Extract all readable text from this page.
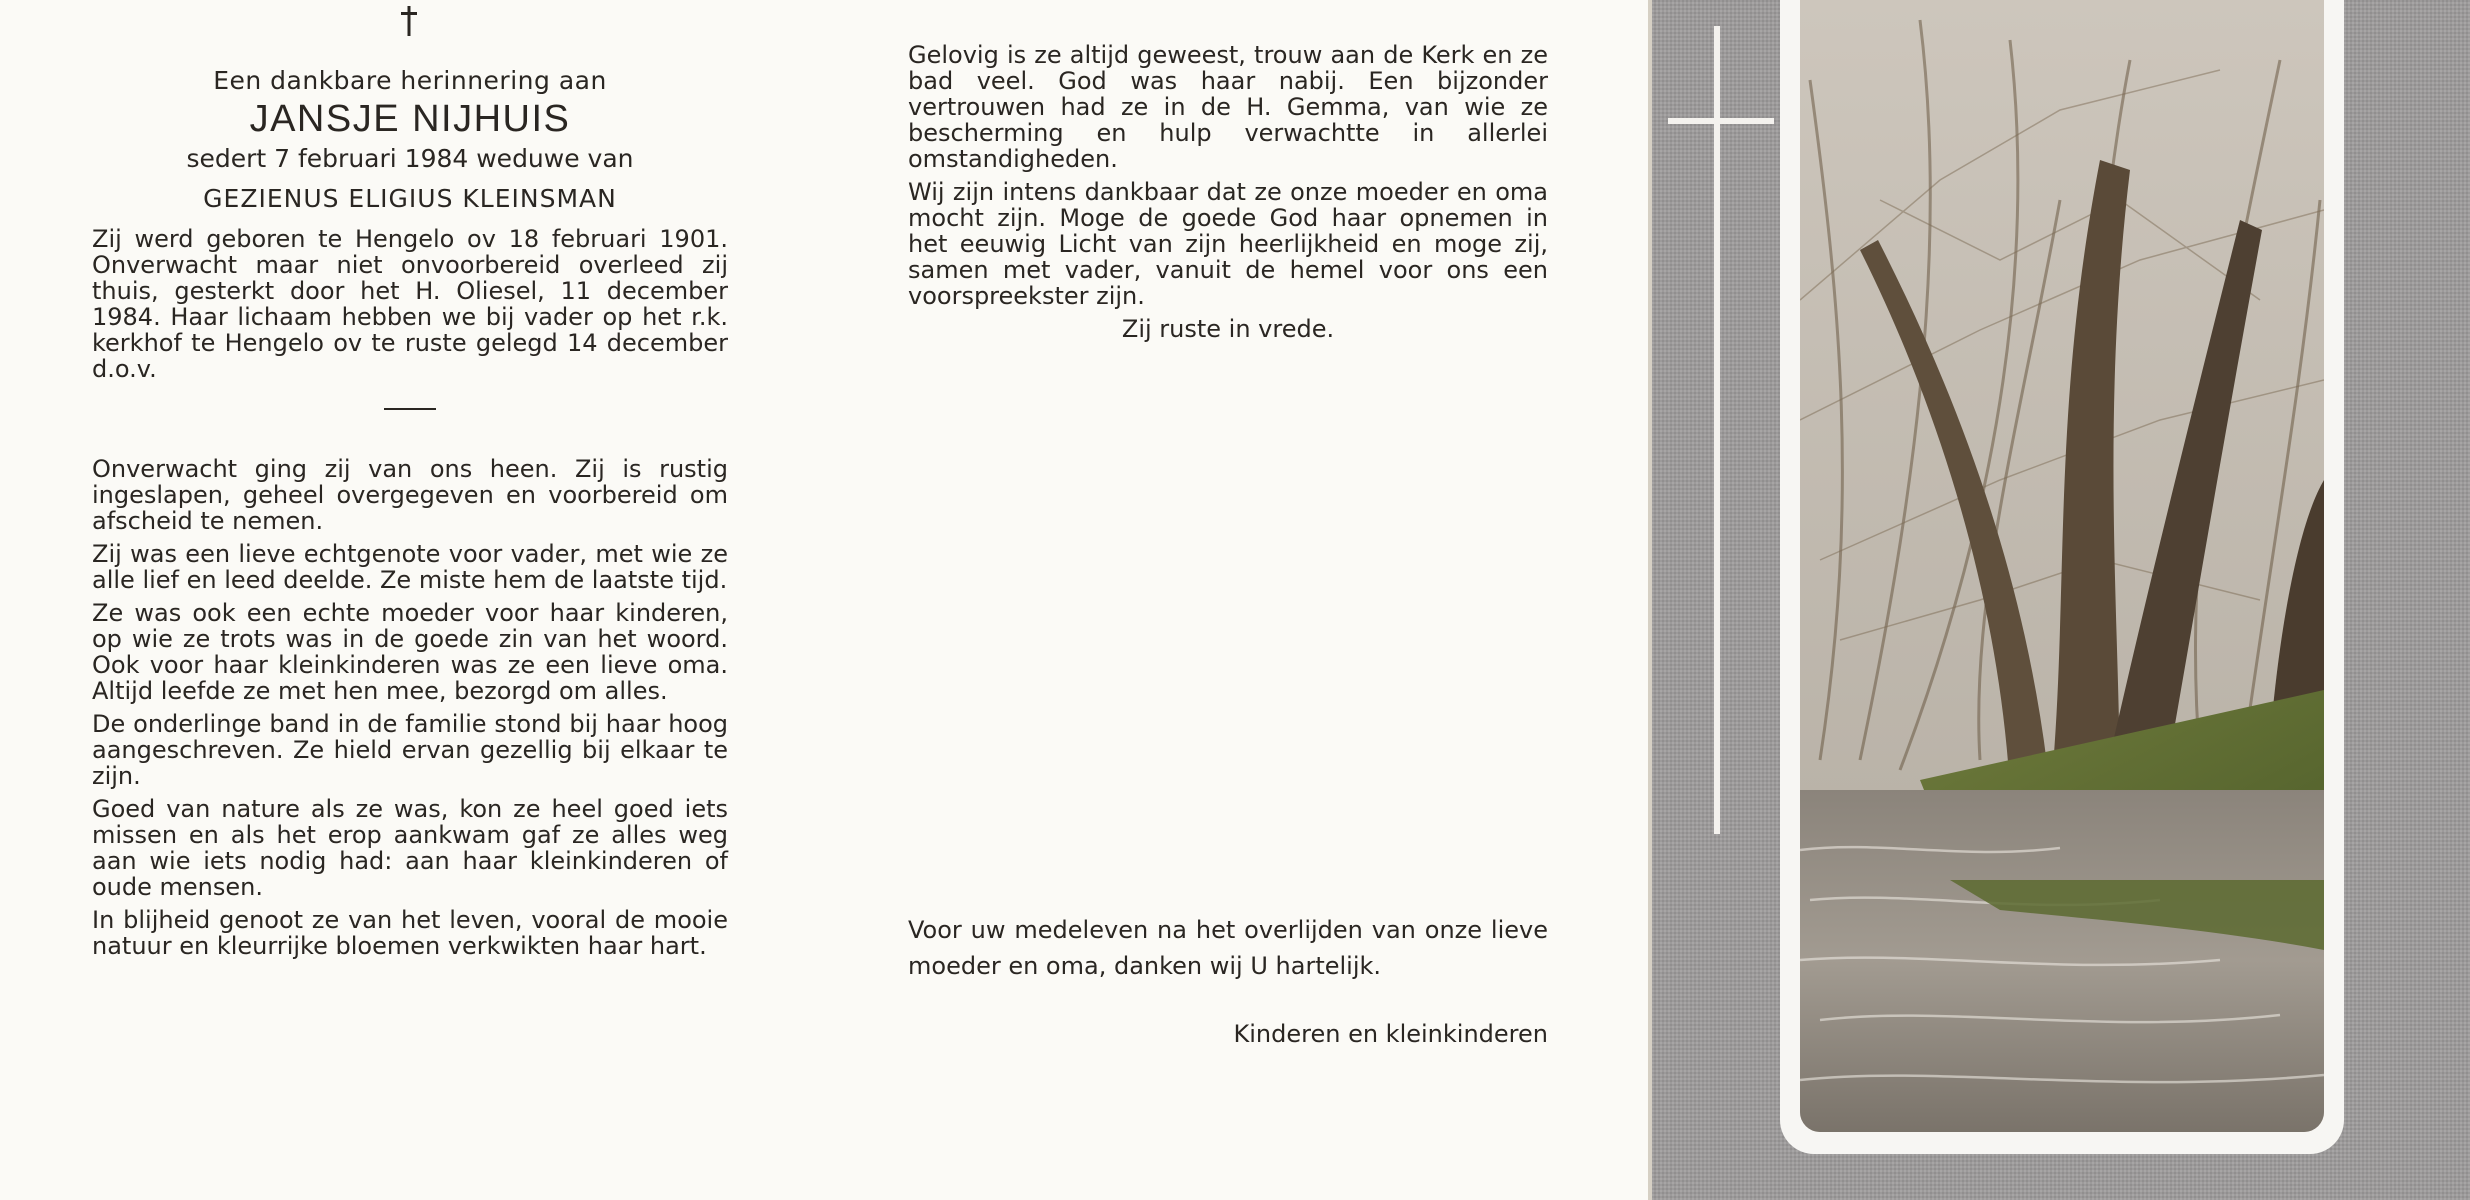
Een dankbare herinnering aan
JANSJE NIJHUIS
sedert 7 februari 1984 weduwe van
GEZIENUS ELIGIUS KLEINSMAN

Zij werd geboren te Hengelo ov 18 februari 1901. Onverwacht maar niet onvoorbereid overleed zij thuis, gesterkt door het H. Oliesel, 11 december 1984. Haar lichaam hebben we bij vader op het r.k. kerkhof te Hengelo ov te ruste gelegd 14 december d.o.v.

Onverwacht ging zij van ons heen. Zij is rustig ingeslapen, geheel overgegeven en voorbereid om afscheid te nemen.

Zij was een lieve echtgenote voor vader, met wie ze alle lief en leed deelde. Ze miste hem de laatste tijd.

Ze was ook een echte moeder voor haar kinderen, op wie ze trots was in de goede zin van het woord. Ook voor haar kleinkinderen was ze een lieve oma. Altijd leefde ze met hen mee, bezorgd om alles.

De onderlinge band in de familie stond bij haar hoog aangeschreven. Ze hield ervan gezellig bij elkaar te zijn.

Goed van nature als ze was, kon ze heel goed iets missen en als het erop aankwam gaf ze alles weg aan wie iets nodig had: aan haar kleinkinderen of oude mensen.

In blijheid genoot ze van het leven, vooral de mooie natuur en kleurrijke bloemen verkwikten haar hart.

Gelovig is ze altijd geweest, trouw aan de Kerk en ze bad veel. God was haar nabij. Een bijzonder vertrouwen had ze in de H. Gemma, van wie ze bescherming en hulp verwachtte in allerlei omstandigheden.

Wij zijn intens dankbaar dat ze onze moeder en oma mocht zijn. Moge de goede God haar opnemen in het eeuwig Licht van zijn heerlijkheid en moge zij, samen met vader, vanuit de hemel voor ons een voorspreekster zijn.

Zij ruste in vrede.

Voor uw medeleven na het overlijden van onze lieve moeder en oma, danken wij U hartelijk.
Kinderen en kleinkinderen
